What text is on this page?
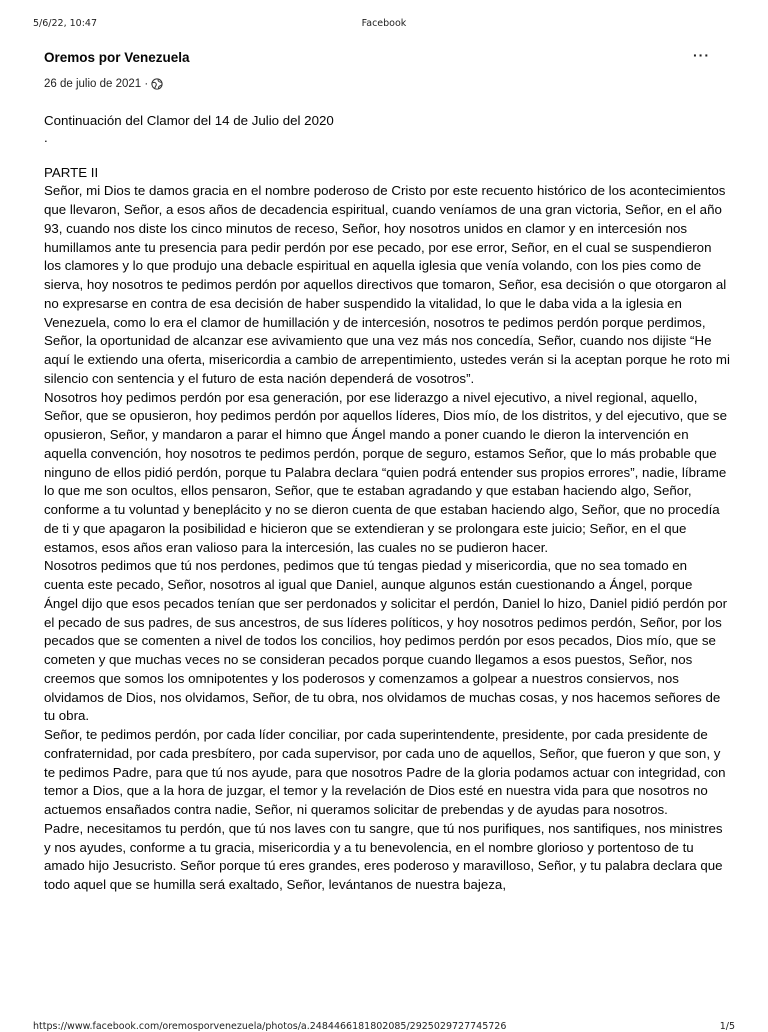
5/6/22, 10:47	Facebook
Oremos por Venezuela	···
26 de julio de 2021 ·

Continuación del Clamor del 14 de Julio del 2020

.

PARTE II

Señor, mi Dios te damos gracia en el nombre poderoso de Cristo por este recuento histórico de los acontecimientos que llevaron, Señor, a esos años de decadencia espiritual, cuando veníamos de una gran victoria, Señor, en el año 93, cuando nos diste los cinco minutos de receso, Señor, hoy nosotros unidos en clamor y en intercesión nos humillamos ante tu presencia para pedir perdón por ese pecado, por ese error, Señor, en el cual se suspendieron los clamores y lo que produjo una debacle espiritual en aquella iglesia que venía volando, con los pies como de sierva, hoy nosotros te pedimos perdón por aquellos directivos que tomaron, Señor, esa decisión o que otorgaron al no expresarse en contra de esa decisión de haber suspendido la vitalidad, lo que le daba vida a la iglesia en Venezuela, como lo era el clamor de humillación y de intercesión, nosotros te pedimos perdón porque perdimos, Señor, la oportunidad de alcanzar ese avivamiento que una vez más nos concedía, Señor, cuando nos dijiste “He aquí le extiendo una oferta, misericordia a cambio de arrepentimiento, ustedes verán si la aceptan porque he roto mi silencio con sentencia y el futuro de esta nación dependerá de vosotros”.

Nosotros hoy pedimos perdón por esa generación, por ese liderazgo a nivel ejecutivo, a nivel regional, aquello, Señor, que se opusieron, hoy pedimos perdón por aquellos líderes, Dios mío, de los distritos, y del ejecutivo, que se opusieron, Señor, y mandaron a parar el himno que Ángel mando a poner cuando le dieron la intervención en aquella convención, hoy nosotros te pedimos perdón, porque de seguro, estamos Señor, que lo más probable que ninguno de ellos pidió perdón, porque tu Palabra declara “quien podrá entender sus propios errores”, nadie, líbrame lo que me son ocultos, ellos pensaron, Señor, que te estaban agradando y que estaban haciendo algo, Señor, conforme a tu voluntad y beneplácito y no se dieron cuenta de que estaban haciendo algo, Señor, que no procedía de ti y que apagaron la posibilidad e hicieron que se extendieran y se prolongara este juicio; Señor, en el que estamos, esos años eran valioso para la intercesión, las cuales no se pudieron hacer.

Nosotros pedimos que tú nos perdones, pedimos que tú tengas piedad y misericordia, que no sea tomado en cuenta este pecado, Señor, nosotros al igual que Daniel, aunque algunos están cuestionando a Ángel, porque Ángel dijo que esos pecados tenían que ser perdonados y solicitar el perdón, Daniel lo hizo, Daniel pidió perdón por el pecado de sus padres, de sus ancestros, de sus líderes políticos, y hoy nosotros pedimos perdón, Señor, por los pecados que se comenten a nivel de todos los concilios, hoy pedimos perdón por esos pecados, Dios mío, que se cometen y que muchas veces no se consideran pecados porque cuando llegamos a esos puestos, Señor, nos creemos que somos los omnipotentes y los poderosos y comenzamos a golpear a nuestros consiervos, nos olvidamos de Dios, nos olvidamos, Señor, de tu obra, nos olvidamos de muchas cosas, y nos hacemos señores de tu obra.

Señor, te pedimos perdón, por cada líder conciliar, por cada superintendente, presidente, por cada presidente de confraternidad, por cada presbítero, por cada supervisor, por cada uno de aquellos, Señor, que fueron y que son, y te pedimos Padre, para que tú nos ayude, para que nosotros Padre de la gloria podamos actuar con integridad, con temor a Dios, que a la hora de juzgar, el temor y la revelación de Dios esté en nuestra vida para que nosotros no actuemos ensañados contra nadie, Señor, ni queramos solicitar de prebendas y de ayudas para nosotros.

Padre, necesitamos tu perdón, que tú nos laves con tu sangre, que tú nos purifiques, nos santifiques, nos ministres y nos ayudes, conforme a tu gracia, misericordia y a tu benevolencia, en el nombre glorioso y portentoso de tu amado hijo Jesucristo. Señor porque tú eres grandes, eres poderoso y maravilloso, Señor, y tu palabra declara que todo aquel que se humilla será exaltado, Señor, levántanos de nuestra bajeza,

https://www.facebook.com/oremosporvenezuela/photos/a.2484466181802085/2925029727745726	1/5
